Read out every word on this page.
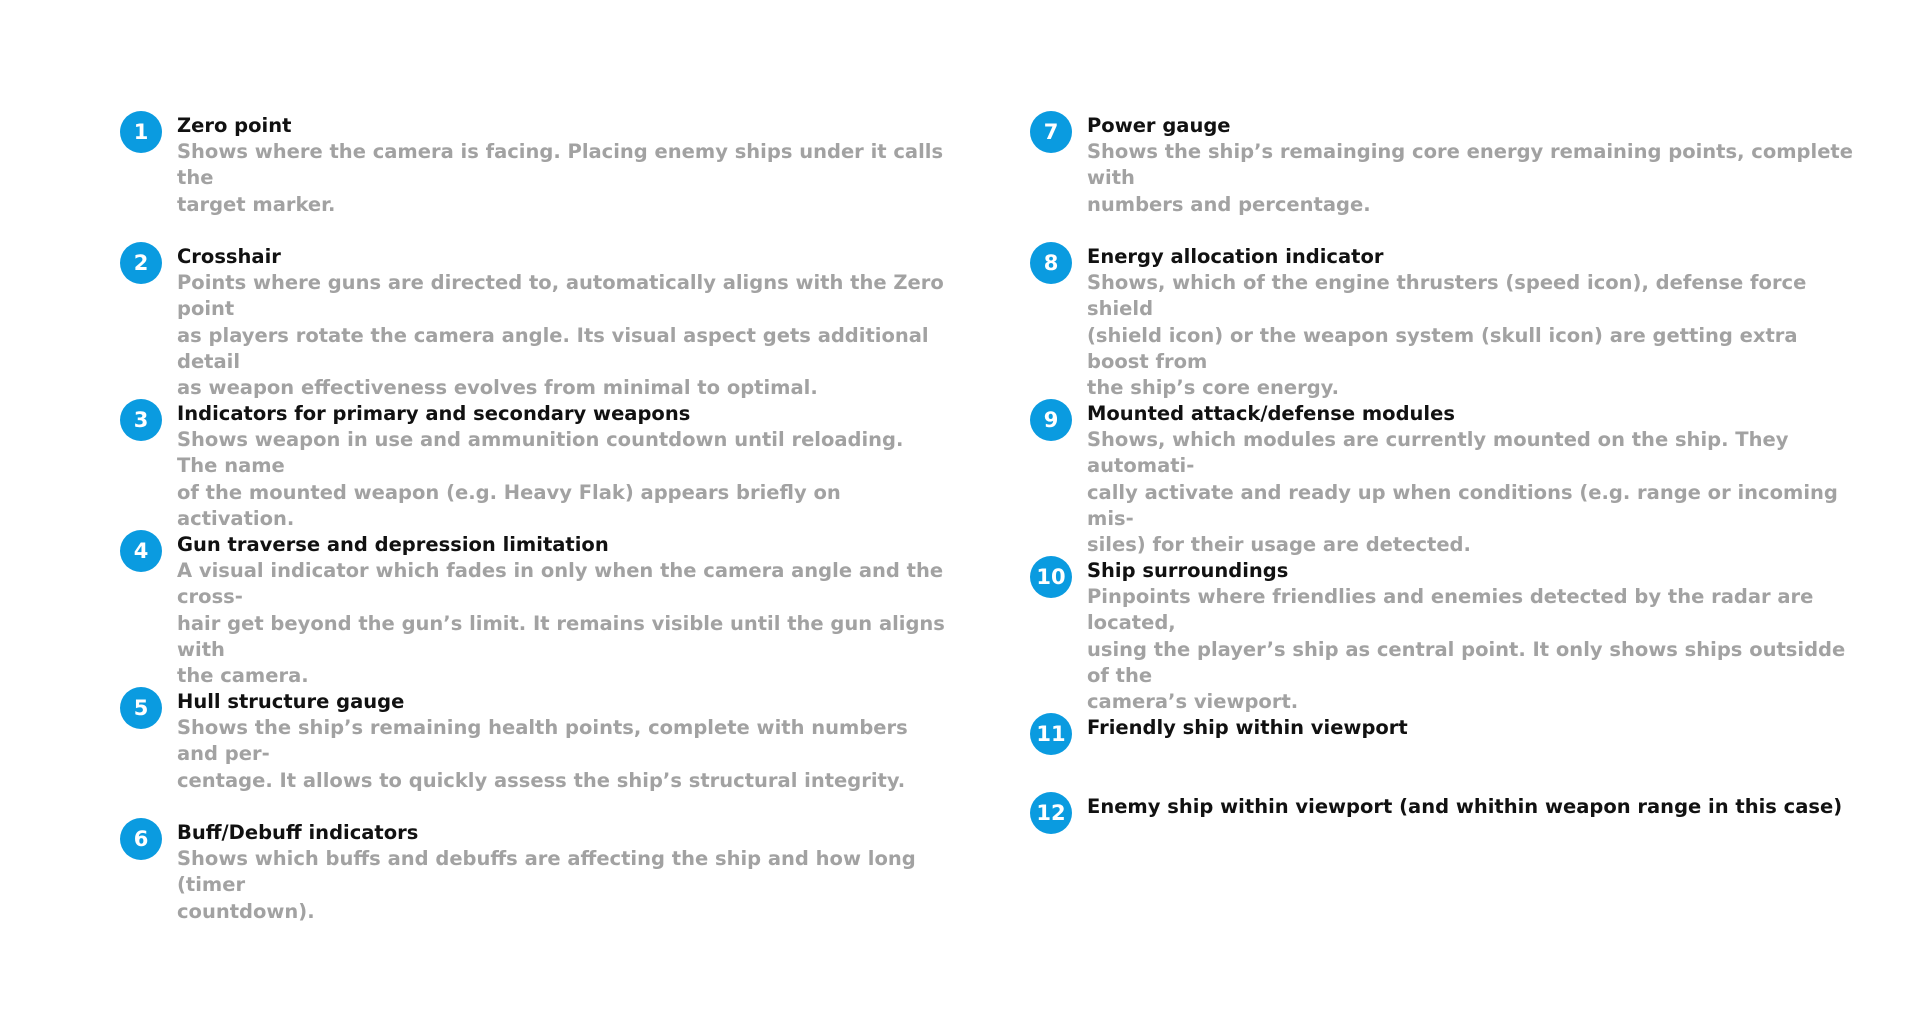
1	Zero point
Shows where the camera is facing. Placing enemy ships under it calls the
target marker.
2	Crosshair
Points where guns are directed to, automatically aligns with the Zero point
as players rotate the camera angle. Its visual aspect gets additional detail
as weapon effectiveness evolves from minimal to optimal.
3	Indicators for primary and secondary weapons
Shows weapon in use and ammunition countdown until reloading. The name
of the mounted weapon (e.g. Heavy Flak) appears briefly on activation.
4	Gun traverse and depression limitation
A visual indicator which fades in only when the camera angle and the cross-
hair get beyond the gun’s limit. It remains visible until the gun aligns with
the camera.
5	Hull structure gauge
Shows the ship’s remaining health points, complete with numbers and per-
centage. It allows to quickly assess the ship’s structural integrity.
6	Buff/Debuff indicators
Shows which buffs and debuffs are affecting the ship and how long (timer
countdown).
7	Power gauge
Shows the ship’s remainging core energy remaining points, complete with
numbers and percentage.
8	Energy allocation indicator
Shows, which of the engine thrusters (speed icon), defense force shield
(shield icon) or the weapon system (skull icon) are getting extra boost from
the ship’s core energy.
9	Mounted attack/defense modules
Shows, which modules are currently mounted on the ship. They automati-
cally activate and ready up when conditions (e.g. range or incoming mis-
siles) for their usage are detected.
10	Ship surroundings
Pinpoints where friendlies and enemies detected by the radar are located,
using the player’s ship as central point. It only shows ships outsidde of the
camera’s viewport.
11	Friendly ship within viewport
12	Enemy ship within viewport (and whithin weapon range in this case)
